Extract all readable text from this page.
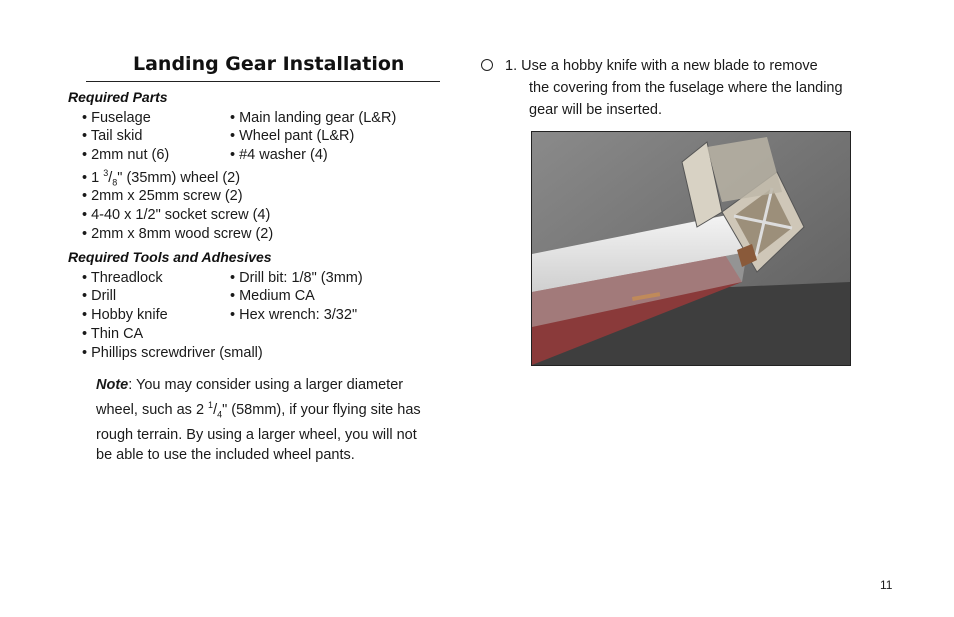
Landing Gear Installation
Required Parts
• Fuselage	• Main landing gear (L&R)
• Tail skid	• Wheel pant (L&R)
• 2mm nut (6)	• #4 washer (4)
• 1 $^3/_8$" (35mm) wheel (2)
• 2mm x 25mm screw (2)
• 4-40 x 1/2" socket screw (4)
• 2mm x 8mm wood screw (2)
Required Tools and Adhesives
• Threadlock	• Drill bit: 1/8" (3mm)
• Drill	• Medium CA
• Hobby knife	• Hex wrench: 3/32"
• Thin CA
• Phillips screwdriver (small)
Note: You may consider using a larger diameter wheel, such as 2 $^1/_4$" (58mm), if your flying site has rough terrain. By using a larger wheel, you will not be able to use the included wheel pants.
1. Use a hobby knife with a new blade to remove
the covering from the fuselage where the landing
gear will be inserted.
11
